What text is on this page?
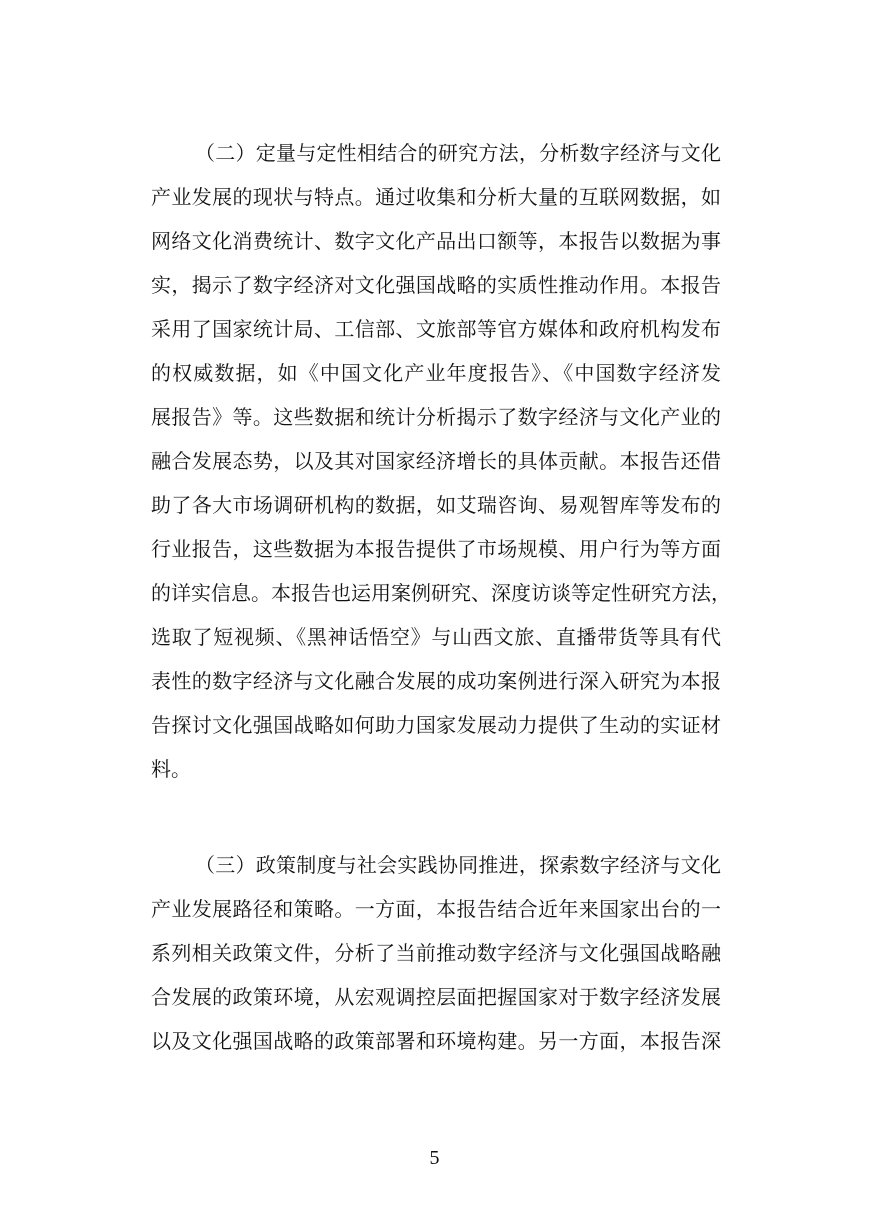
（二）定量与定性相结合的研究方法，分析数字经济与文化
产业发展的现状与特点。通过收集和分析大量的互联网数据，如
网络文化消费统计、数字文化产品出口额等，本报告以数据为事
实，揭示了数字经济对文化强国战略的实质性推动作用。本报告
采用了国家统计局、工信部、文旅部等官方媒体和政府机构发布
的权威数据，如《中国文化产业年度报告》、《中国数字经济发
展报告》等。这些数据和统计分析揭示了数字经济与文化产业的
融合发展态势，以及其对国家经济增长的具体贡献。本报告还借
助了各大市场调研机构的数据，如艾瑞咨询、易观智库等发布的
行业报告，这些数据为本报告提供了市场规模、用户行为等方面
的详实信息。本报告也运用案例研究、深度访谈等定性研究方法，
选取了短视频、《黑神话悟空》与山西文旅、直播带货等具有代
表性的数字经济与文化融合发展的成功案例进行深入研究为本报
告探讨文化强国战略如何助力国家发展动力提供了生动的实证材
料。
（三）政策制度与社会实践协同推进，探索数字经济与文化
产业发展路径和策略。一方面，本报告结合近年来国家出台的一
系列相关政策文件，分析了当前推动数字经济与文化强国战略融
合发展的政策环境，从宏观调控层面把握国家对于数字经济发展
以及文化强国战略的政策部署和环境构建。另一方面，本报告深
5
